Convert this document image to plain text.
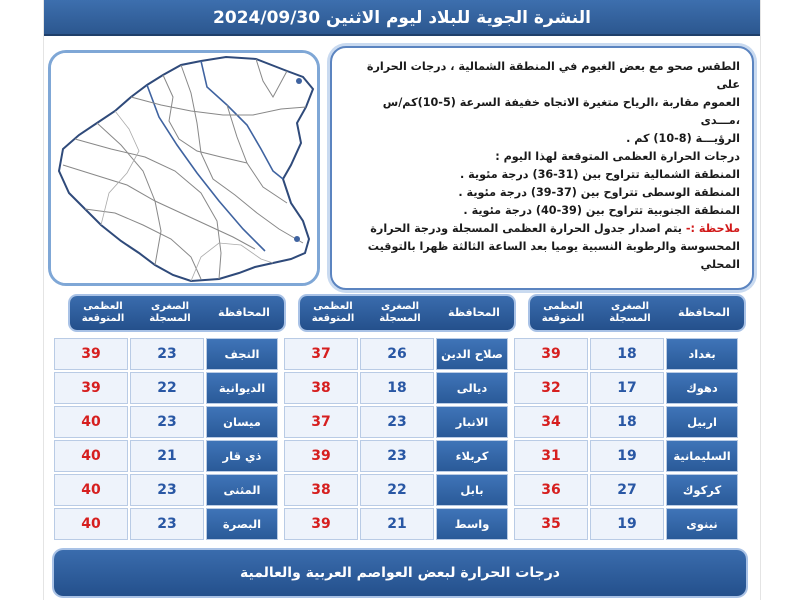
النشرة الجوية للبلاد ليوم الاثنين 2024/09/30

الطقس صحو مع بعض الغيوم في المنطقة الشمالية ، درجات الحرارة على

العموم مقاربة ،الرياح متغيرة الاتجاه خفيفة السرعة (5-10)كم/س ،مـــدى

الرؤيـــة (8-10) كم .

درجات الحرارة العظمى المتوقعة لهذا اليوم :

المنطقة الشمالية تتراوح بين (31-36) درجة مئوية .

المنطقة الوسطى تتراوح بين (37-39) درجة مئوية .

المنطقة الجنوبية تتراوح بين (39-40) درجة مئوية .

ملاحظة :- يتم اصدار جدول الحرارة العظمى المسجلة ودرجة الحرارة

المحسوسة والرطوبة النسبية يوميا بعد الساعة الثالثة ظهرا بالتوقيت المحلي

المحافظة
الصغرى
المسجلة
العظمى
المتوقعة
المحافظة
الصغرى
المسجلة
العظمى
المتوقعة
المحافظة
الصغرى
المسجلة
العظمى
المتوقعة
بغداد
18
39
دهوك
17
32
اربيل
18
34
السليمانية
19
31
كركوك
27
36
نينوى
19
35
صلاح الدين
26
37
ديالى
18
38
الانبار
23
37
كربلاء
23
39
بابل
22
38
واسط
21
39
النجف
23
39
الديوانية
22
39
ميسان
23
40
ذي قار
21
40
المثنى
23
40
البصرة
23
40
درجات الحرارة لبعض العواصم العربية والعالمية
